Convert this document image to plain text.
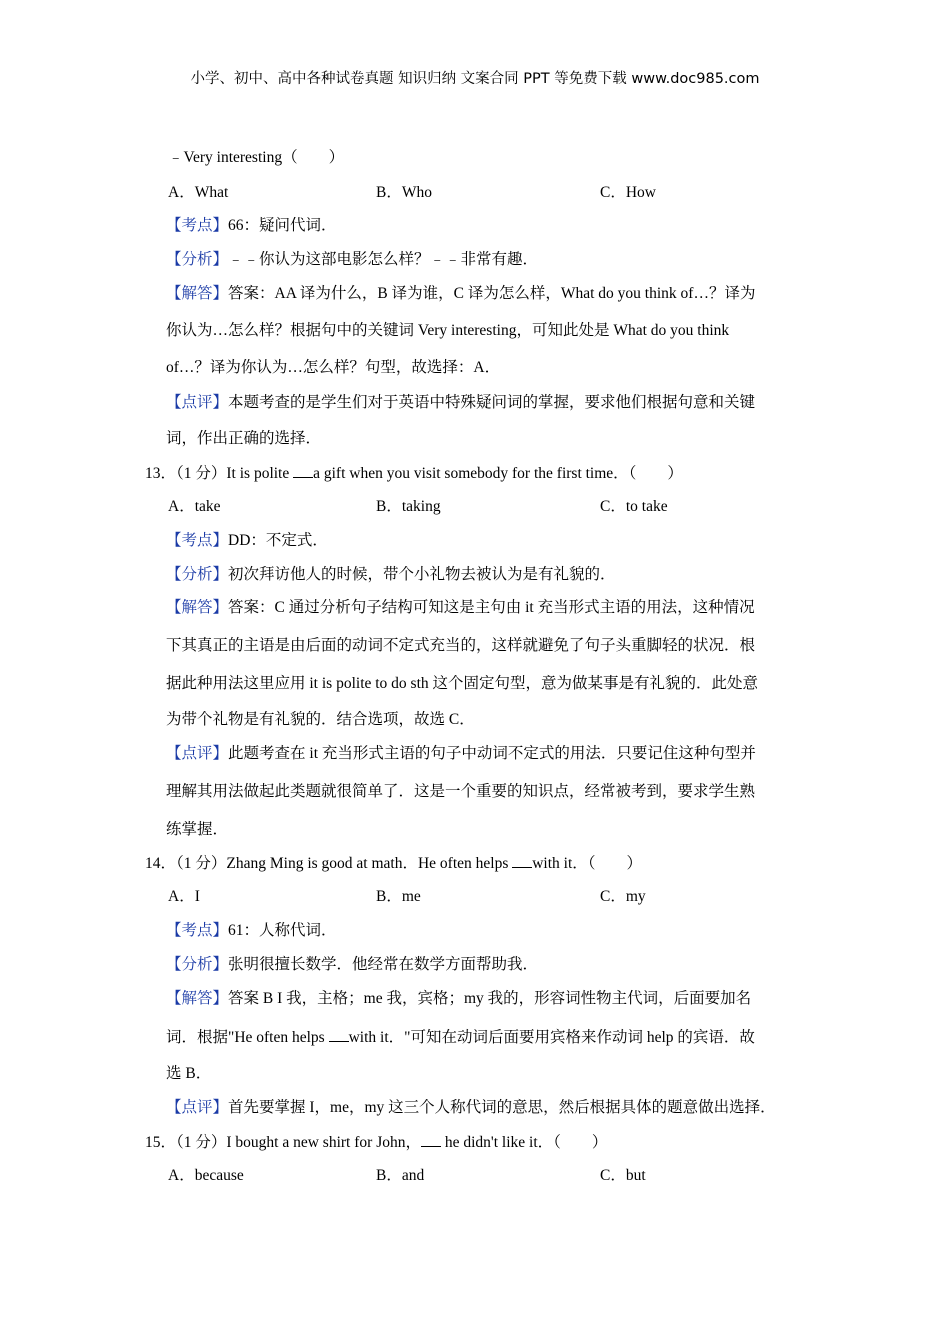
小学、初中、高中各种试卷真题 知识归纳 文案合同 PPT 等免费下载 www.doc985.com
﹣Very interesting（　　）
A．What	B．Who	C．How
【考点】66：疑问代词．
【分析】﹣﹣你认为这部电影怎么样？﹣﹣非常有趣．
【解答】答案：AA 译为什么，B 译为谁，C 译为怎么样，What do you think of…？译为
你认为…怎么样？根据句中的关键词 Very interesting，可知此处是 What do you think
of…？译为你认为…怎么样？句型，故选择：A．
【点评】本题考查的是学生们对于英语中特殊疑问词的掌握，要求他们根据句意和关键
词，作出正确的选择．
13．（1 分）It is polite a gift when you visit somebody for the first time．（　　）
A．take	B．taking	C．to take
【考点】DD：不定式．
【分析】初次拜访他人的时候，带个小礼物去被认为是有礼貌的．
【解答】答案：C 通过分析句子结构可知这是主句由 it 充当形式主语的用法，这种情况
下其真正的主语是由后面的动词不定式充当的，这样就避免了句子头重脚轻的状况．根
据此种用法这里应用 it is polite to do sth 这个固定句型，意为做某事是有礼貌的．此处意
为带个礼物是有礼貌的．结合选项，故选 C．
【点评】此题考查在 it 充当形式主语的句子中动词不定式的用法．只要记住这种句型并
理解其用法做起此类题就很简单了．这是一个重要的知识点，经常被考到，要求学生熟
练掌握．
14．（1 分）Zhang Ming is good at math．He often helps with it．（　　）
A．I	B．me	C．my
【考点】61：人称代词．
【分析】张明很擅长数学．他经常在数学方面帮助我．
【解答】答案 B I 我，主格；me 我，宾格；my 我的，形容词性物主代词，后面要加名
词．根据"He often helps with it．"可知在动词后面要用宾格来作动词 help 的宾语．故
选 B．
【点评】首先要掌握 I，me，my 这三个人称代词的意思，然后根据具体的题意做出选择．
15．（1 分）I bought a new shirt for John， he didn't like it．（　　）
A．because	B．and	C．but
